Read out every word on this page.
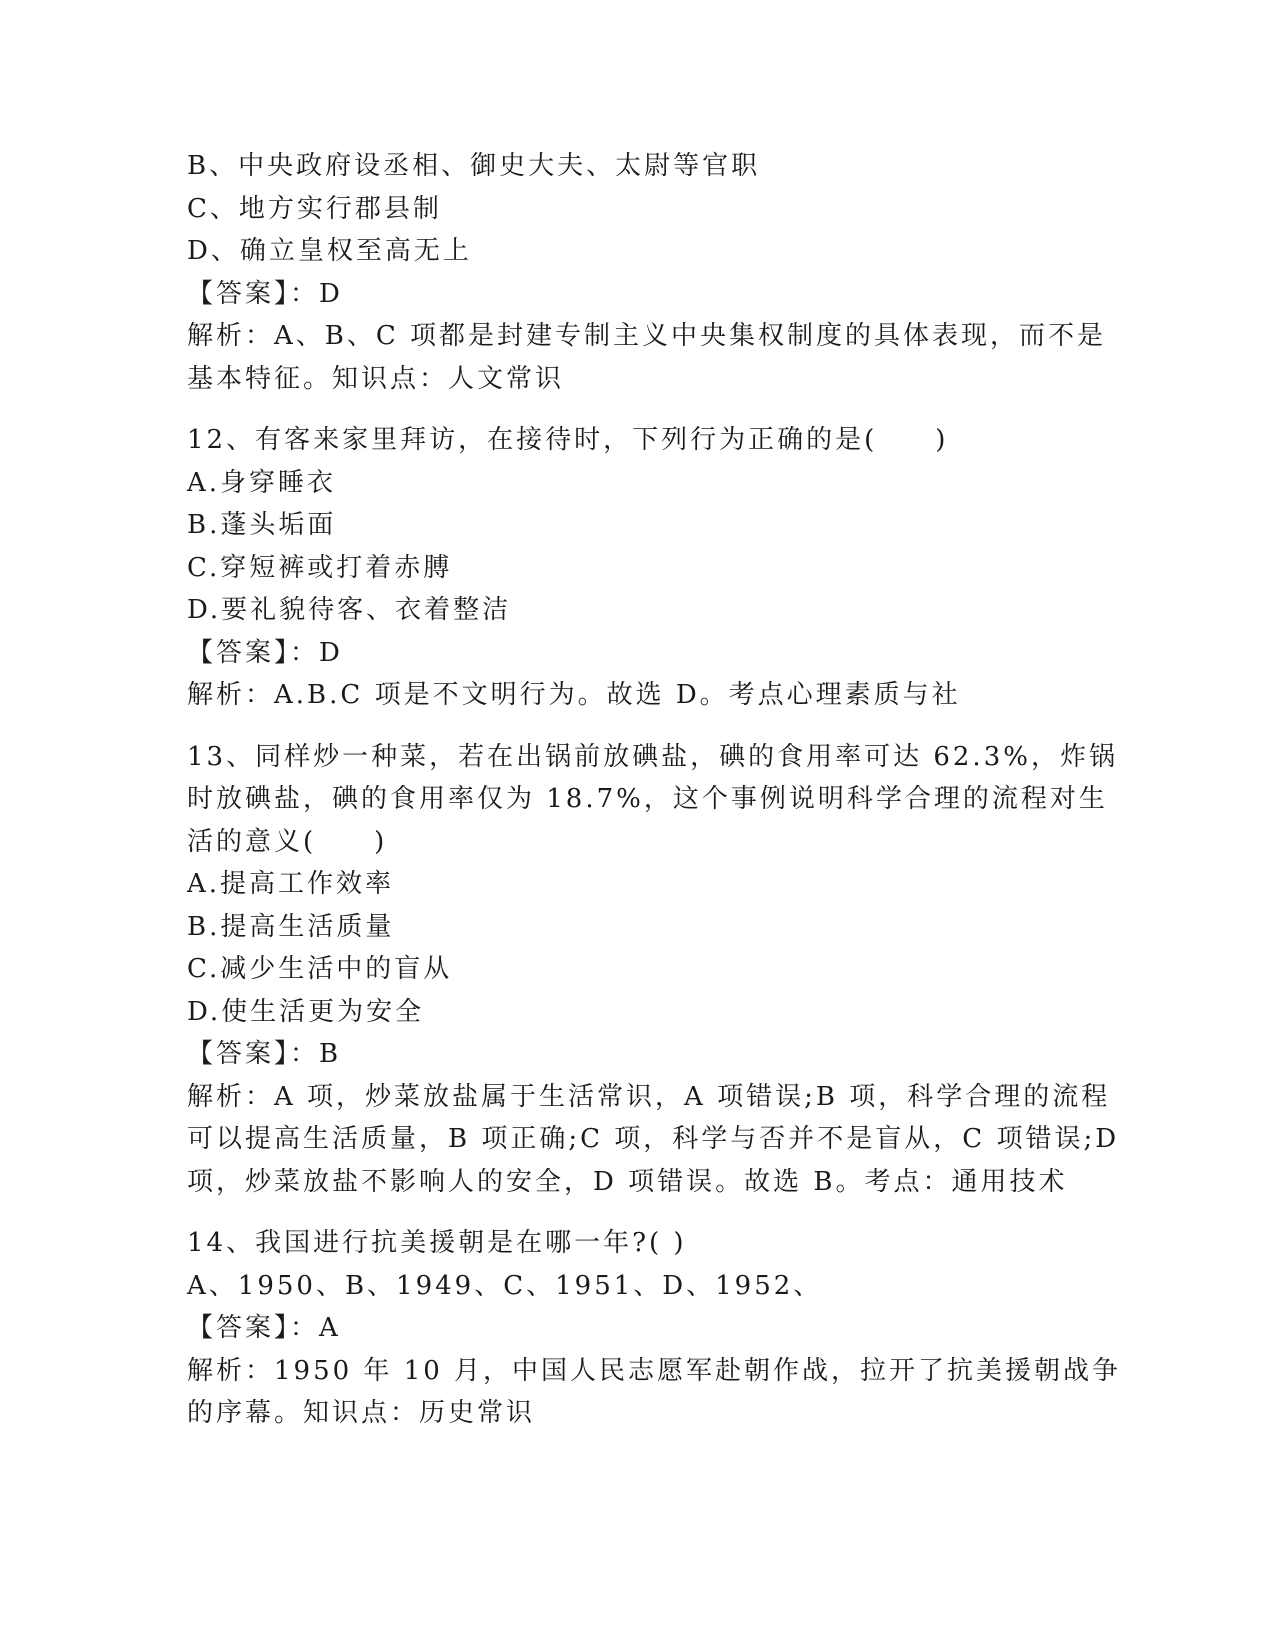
B、中央政府设丞相、御史大夫、太尉等官职
C、地方实行郡县制
D、确立皇权至高无上
【答案】：D
解析：A、B、C 项都是封建专制主义中央集权制度的具体表现，而不是
基本特征。知识点：人文常识
12、有客来家里拜访，在接待时，下列行为正确的是(　　)
A.身穿睡衣
B.蓬头垢面
C.穿短裤或打着赤膊
D.要礼貌待客、衣着整洁
【答案】：D
解析：A.B.C 项是不文明行为。故选 D。考点心理素质与社
13、同样炒一种菜，若在出锅前放碘盐，碘的食用率可达 62.3%，炸锅
时放碘盐，碘的食用率仅为 18.7%，这个事例说明科学合理的流程对生
活的意义(　　)
A.提高工作效率
B.提高生活质量
C.减少生活中的盲从
D.使生活更为安全
【答案】：B
解析：A 项，炒菜放盐属于生活常识，A 项错误;B 项，科学合理的流程
可以提高生活质量，B 项正确;C 项，科学与否并不是盲从，C 项错误;D
项，炒菜放盐不影响人的安全，D 项错误。故选 B。考点：通用技术
14、我国进行抗美援朝是在哪一年?( )
A、1950、B、1949、C、1951、D、1952、
【答案】：A
解析：1950 年 10 月，中国人民志愿军赴朝作战，拉开了抗美援朝战争
的序幕。知识点：历史常识
